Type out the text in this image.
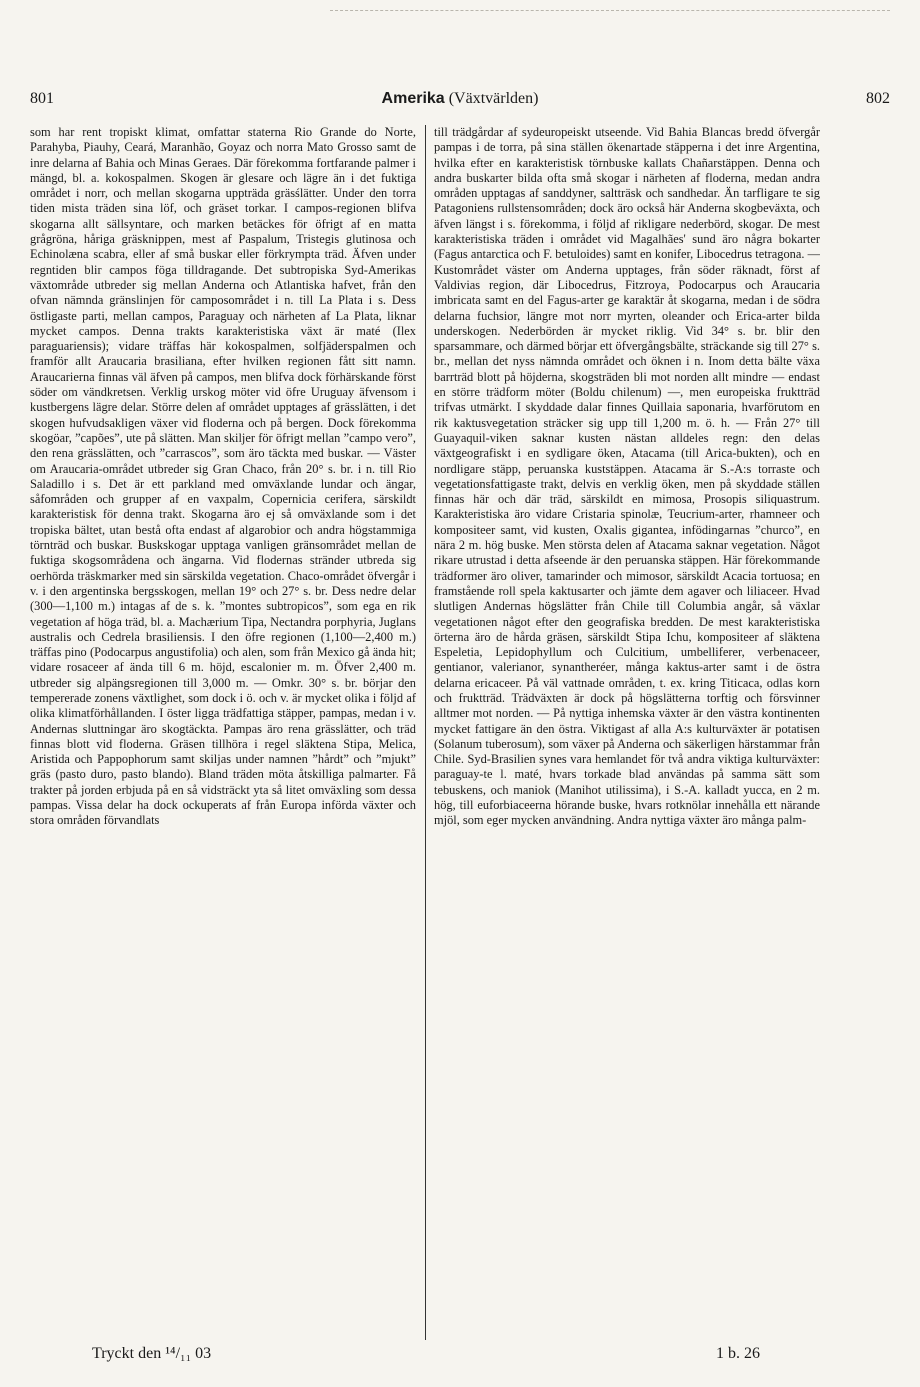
801	Amerika (Växtvärlden)	802

som har rent tropiskt klimat, omfattar staterna Rio Grande do Norte, Parahyba, Piauhy, Ceará, Maranhão, Goyaz och norra Mato Grosso samt de inre delarna af Bahia och Minas Geraes. Där förekomma fortfarande palmer i mängd, bl. a. kokospalmen. Skogen är glesare och lägre än i det fuktiga området i norr, och mellan skogarna uppträda gräsślätter. Under den torra tiden mista träden sina löf, och gräset torkar. I campos-regionen blifva skogarna allt sällsyntare, och marken betäckes för öfrigt af en matta grågröna, håriga gräsknippen, mest af Paspalum, Tristegis glutinosa och Echinolæna scabra, eller af små buskar eller förkrympta träd. Äfven under regntiden blir campos föga tilldragande. Det subtropiska Syd-Amerikas växtområde utbreder sig mellan Anderna och Atlantiska hafvet, från den ofvan nämnda gränslinjen för camposområdet i n. till La Plata i s. Dess östligaste parti, mellan campos, Paraguay och närheten af La Plata, liknar mycket campos. Denna trakts karakteristiska växt är maté (Ilex paraguariensis); vidare träffas här kokospalmen, solfjäderspalmen och framför allt Araucaria brasiliana, efter hvilken regionen fått sitt namn. Araucarierna finnas väl äfven på campos, men blifva dock förhärskande först söder om vändkretsen. Verklig urskog möter vid öfre Uruguay äfvensom i kustbergens lägre delar. Större delen af området upptages af grässlätten, i det skogen hufvudsakligen växer vid floderna och på bergen. Dock förekomma skogöar, ”capões”, ute på slätten. Man skiljer för öfrigt mellan ”campo vero”, den rena grässlätten, och ”carrascos”, som äro täckta med buskar. — Väster om Araucaria-området utbreder sig Gran Chaco, från 20° s. br. i n. till Rio Saladillo i s. Det är ett parkland med omväxlande lundar och ängar, såfområden och grupper af en vaxpalm, Copernicia cerifera, särskildt karakteristisk för denna trakt. Skogarna äro ej så omväxlande som i det tropiska bältet, utan bestå ofta endast af algarobior och andra högstammiga törnträd och buskar. Buskskogar upptaga vanligen gränsområdet mellan de fuktiga skogsområdena och ängarna. Vid flodernas stränder utbreda sig oerhörda träskmarker med sin särskilda vegetation. Chaco-området öfvergår i v. i den argentinska bergsskogen, mellan 19° och 27° s. br. Dess nedre delar (300—1,100 m.) intagas af de s. k. ”montes subtropicos”, som ega en rik vegetation af höga träd, bl. a. Machærium Tipa, Nectandra porphyria, Juglans australis och Cedrela brasiliensis. I den öfre regionen (1,100—2,400 m.) träffas pino (Podocarpus angustifolia) och alen, som från Mexico gå ända hit; vidare rosaceer af ända till 6 m. höjd, escalonier m. m. Öfver 2,400 m. utbreder sig alpängsregionen till 3,000 m. — Omkr. 30° s. br. börjar den tempererade zonens växtlighet, som dock i ö. och v. är mycket olika i följd af olika klimatförhållanden. I öster ligga trädfattiga stäpper, pampas, medan i v. Andernas sluttningar äro skogtäckta. Pampas äro rena grässlätter, och träd finnas blott vid floderna. Gräsen tillhöra i regel släktena Stipa, Melica, Aristida och Pappophorum samt skiljas under namnen ”hårdt” och ”mjukt” gräs (pasto duro, pasto blando). Bland träden möta åtskilliga palmarter. Få trakter på jorden erbjuda på en så vidsträckt yta så litet omväxling som dessa pampas. Vissa delar ha dock ockuperats af från Europa införda växter och stora områden förvandlats

till trädgårdar af sydeuropeiskt utseende. Vid Bahia Blancas bredd öfvergår pampas i de torra, på sina ställen ökenartade stäpperna i det inre Argentina, hvilka efter en karakteristisk törnbuske kallats Chañarstäppen. Denna och andra buskarter bilda ofta små skogar i närheten af floderna, medan andra områden upptagas af sanddyner, saltträsk och sandhedar. Än tarfligare te sig Patagoniens rullstensområden; dock äro också här Anderna skogbeväxta, och äfven längst i s. förekomma, i följd af rikligare nederbörd, skogar. De mest karakteristiska träden i området vid Magalhães' sund äro några bokarter (Fagus antarctica och F. betuloides) samt en konifer, Libocedrus tetragona. — Kustområdet väster om Anderna upptages, från söder räknadt, först af Valdivias region, där Libocedrus, Fitzroya, Podocarpus och Araucaria imbricata samt en del Fagus-arter ge karaktär åt skogarna, medan i de södra delarna fuchsior, längre mot norr myrten, oleander och Erica-arter bilda underskogen. Nederbörden är mycket riklig. Vid 34° s. br. blir den sparsammare, och därmed börjar ett öfvergångsbälte, sträckande sig till 27° s. br., mellan det nyss nämnda området och öknen i n. Inom detta bälte växa barrträd blott på höjderna, skogsträden bli mot norden allt mindre — endast en större trädform möter (Boldu chilenum) —, men europeiska fruktträd trifvas utmärkt. I skyddade dalar finnes Quillaia saponaria, hvarförutom en rik kaktusvegetation sträcker sig upp till 1,200 m. ö. h. — Från 27° till Guayaquil-viken saknar kusten nästan alldeles regn: den delas växtgeografiskt i en sydligare öken, Atacama (till Arica-bukten), och en nordligare stäpp, peruanska kuststäppen. Atacama är S.-A:s torraste och vegetationsfattigaste trakt, delvis en verklig öken, men på skyddade ställen finnas här och där träd, särskildt en mimosa, Prosopis siliquastrum. Karakteristiska äro vidare Cristaria spinolæ, Teucrium-arter, rhamneer och kompositeer samt, vid kusten, Oxalis gigantea, infödingarnas ”churco”, en nära 2 m. hög buske. Men största delen af Atacama saknar vegetation. Något rikare utrustad i detta afseende är den peruanska stäppen. Här förekommande trädformer äro oliver, tamarinder och mimosor, särskildt Acacia tortuosa; en framstående roll spela kaktusarter och jämte dem agaver och liliaceer. Hvad slutligen Andernas högslätter från Chile till Columbia angår, så växlar vegetationen något efter den geografiska bredden. De mest karakteristiska örterna äro de hårda gräsen, särskildt Stipa Ichu, kompositeer af släktena Espeletia, Lepidophyllum och Culcitium, umbelliferer, verbenaceer, gentianor, valerianor, synantheréer, många kaktus-arter samt i de östra delarna ericaceer. På väl vattnade områden, t. ex. kring Titicaca, odlas korn och fruktträd. Trädväxten är dock på högslätterna torftig och försvinner alltmer mot norden. — På nyttiga inhemska växter är den västra kontinenten mycket fattigare än den östra. Viktigast af alla A:s kulturväxter är potatisen (Solanum tuberosum), som växer på Anderna och säkerligen härstammar från Chile. Syd-Brasilien synes vara hemlandet för två andra viktiga kulturväxter: paraguay-te l. maté, hvars torkade blad användas på samma sätt som tebuskens, och maniok (Manihot utilissima), i S.-A. kalladt yucca, en 2 m. hög, till euforbiaceerna hörande buske, hvars rotknölar innehålla ett närande mjöl, som eger mycken användning. Andra nyttiga växter äro många palm-

Tryckt den ¹⁴/₁₁ 03	1 b. 26
